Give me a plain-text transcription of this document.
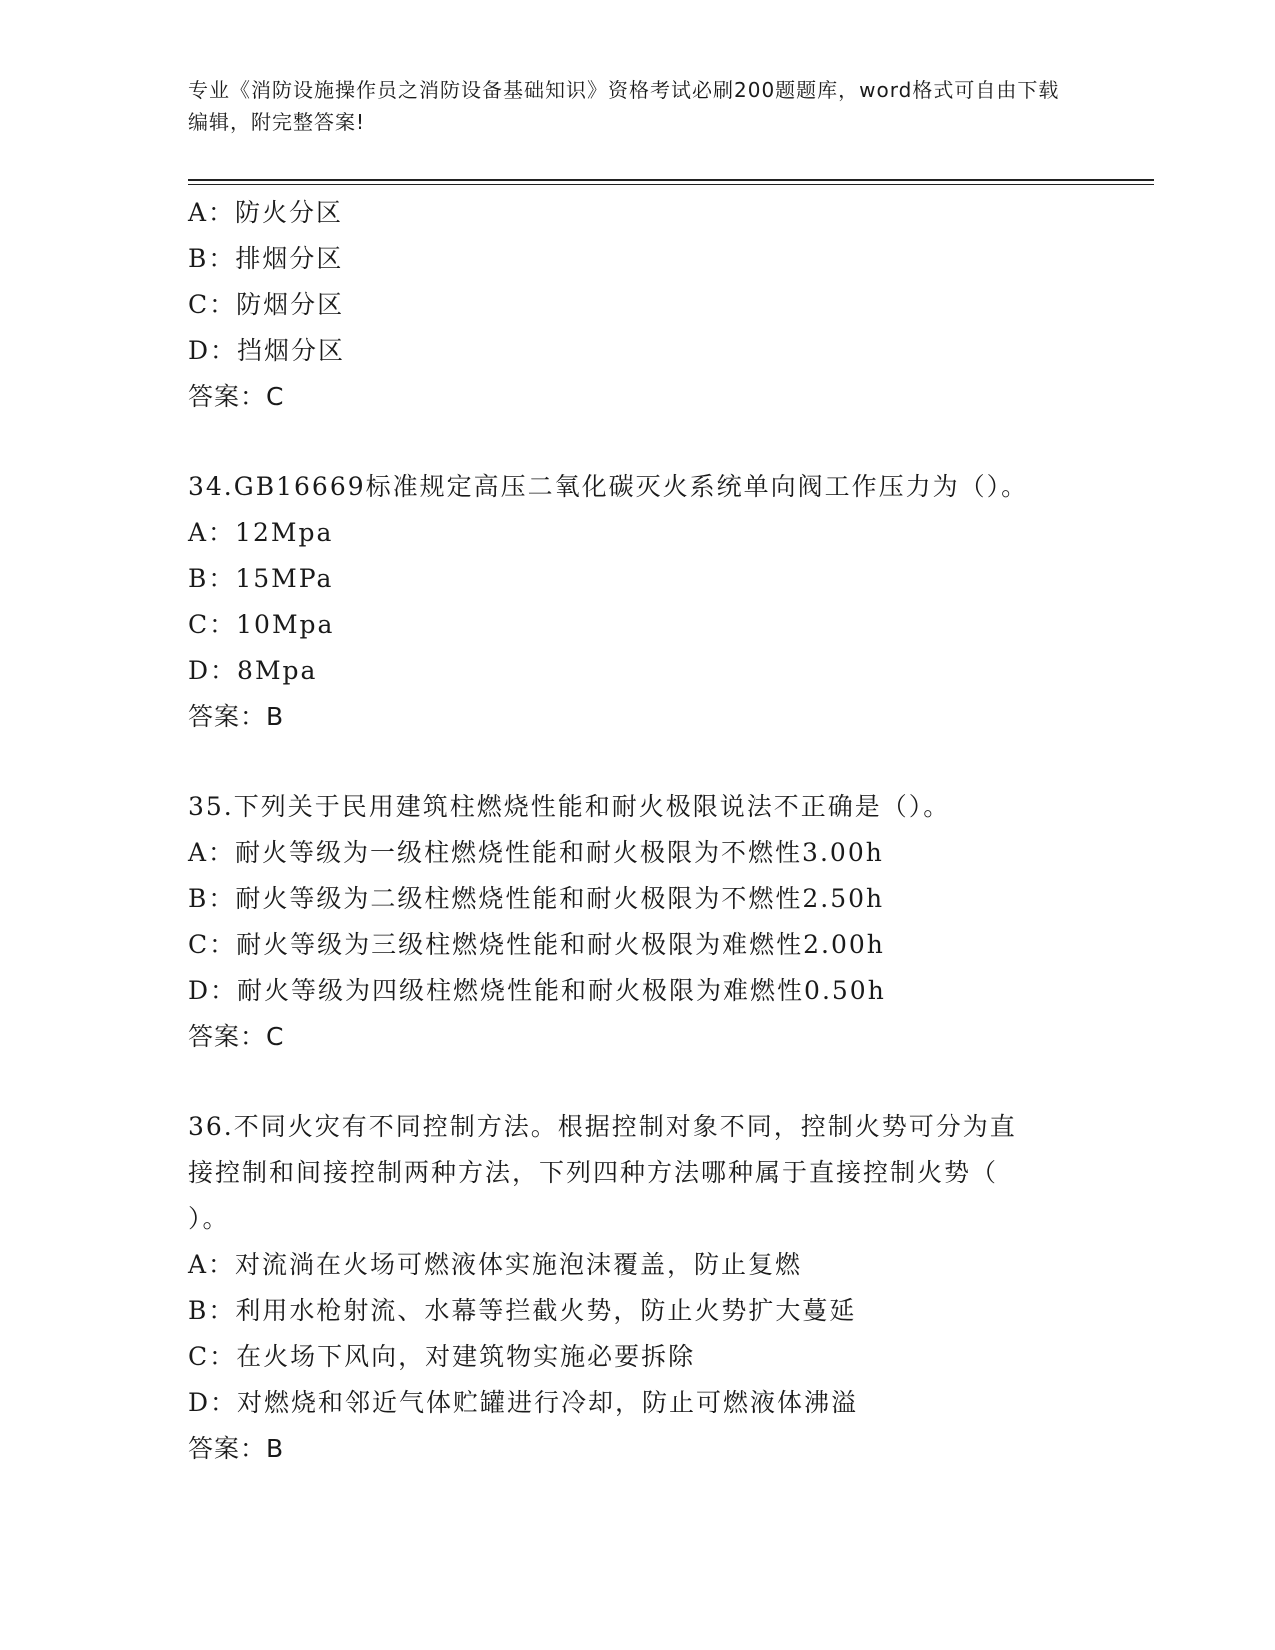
专业《消防设施操作员之消防设备基础知识》资格考试必刷200题题库，word格式可自由下载编辑，附完整答案!
A：防火分区
B：排烟分区
C：防烟分区
D：挡烟分区
答案：C
34.GB16669标准规定高压二氧化碳灭火系统单向阀工作压力为（）。
A：12Mpa
B：15MPa
C：10Mpa
D：8Mpa
答案：B
35.下列关于民用建筑柱燃烧性能和耐火极限说法不正确是（）。
A：耐火等级为一级柱燃烧性能和耐火极限为不燃性3.00h
B：耐火等级为二级柱燃烧性能和耐火极限为不燃性2.50h
C：耐火等级为三级柱燃烧性能和耐火极限为难燃性2.00h
D：耐火等级为四级柱燃烧性能和耐火极限为难燃性0.50h
答案：C
36.不同火灾有不同控制方法。根据控制对象不同，控制火势可分为直
接控制和间接控制两种方法，下列四种方法哪种属于直接控制火势（
）。
A：对流淌在火场可燃液体实施泡沫覆盖，防止复燃
B：利用水枪射流、水幕等拦截火势，防止火势扩大蔓延
C：在火场下风向，对建筑物实施必要拆除
D：对燃烧和邻近气体贮罐进行冷却，防止可燃液体沸溢
答案：B
